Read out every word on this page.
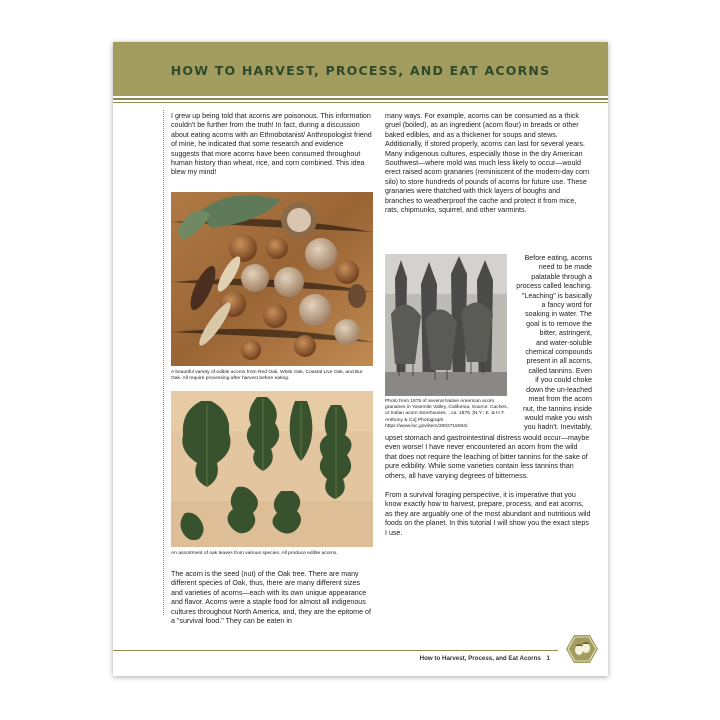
HOW TO HARVEST, PROCESS, AND EAT ACORNS

I grew up being told that acorns are poisonous. This information couldn't be further from the truth! In fact, during a discussion about eating acorns with an Ethnobotanist/ Anthropologist friend of mine, he indicated that some research and evidence suggests that more acorns have been consumed throughout human history than wheat, rice, and corn combined. This idea blew my mind!

A beautiful variety of edible acorns from Red Oak, White Oak, Coastal Live Oak, and Bur Oak. All require processing after harvest before eating.
An assortment of oak leaves from various species. All produce edible acorns.

The acorn is the seed (nut) of the Oak tree. There are many different species of Oak, thus, there are many different sizes and varieties of acorns—each with its own unique appearance and flavor. Acorns were a staple food for almost all indigenous cultures throughout North America, and, they are the epitome of a "survival food." They can be eaten in

many ways. For example, acorns can be consumed as a thick gruel (boiled), as an ingredient (acorn flour) in breads or other baked edibles, and as a thickener for soups and stews. Additionally, if stored properly, acorns can last for several years. Many indigenous cultures, especially those in the dry American Southwest—where mold was much less likely to occur—would erect raised acorn granaries (reminiscent of the modern-day corn silo) to store hundreds of pounds of acorns for future use. These granaries were thatched with thick layers of boughs and branches to weatherproof the cache and protect it from mice, rats, chipmunks, squirrel, and other varmints.

Photo from 1875 of several Native American acorn granaries in Yosemite Valley, California. Source: Caches, or Indian acorn storehouses. , ca. 1875. [N.Y.: E. & H.T. Anthony & Co] Photograph. https://www.loc.gov/item/2002715004/.
Before eating, acorns
need to be made
palatable through a
process called leaching.
"Leaching" is basically
a fancy word for
soaking in water. The
goal is to remove the
bitter, astringent,
and water-soluble
chemical compounds
present in all acorns,
called tannins. Even
if you could choke
down the un-leached
meat from the acorn
nut, the tannins inside
would make you wish
you hadn't. Inevitably,

upset stomach and gastrointestinal distress would occur—maybe even worse! I have never encountered an acorn from the wild that does not require the leaching of bitter tannins for the sake of pure edibility. While some varieties contain less tannins than others, all have varying degrees of bitterness.

From a survival foraging perspective, it is imperative that you know exactly how to harvest, prepare, process, and eat acorns, as they are arguably one of the most abundant and nutritious wild foods on the planet. In this tutorial I will show you the exact steps I use.

How to Harvest, Process, and Eat Acorns 1
